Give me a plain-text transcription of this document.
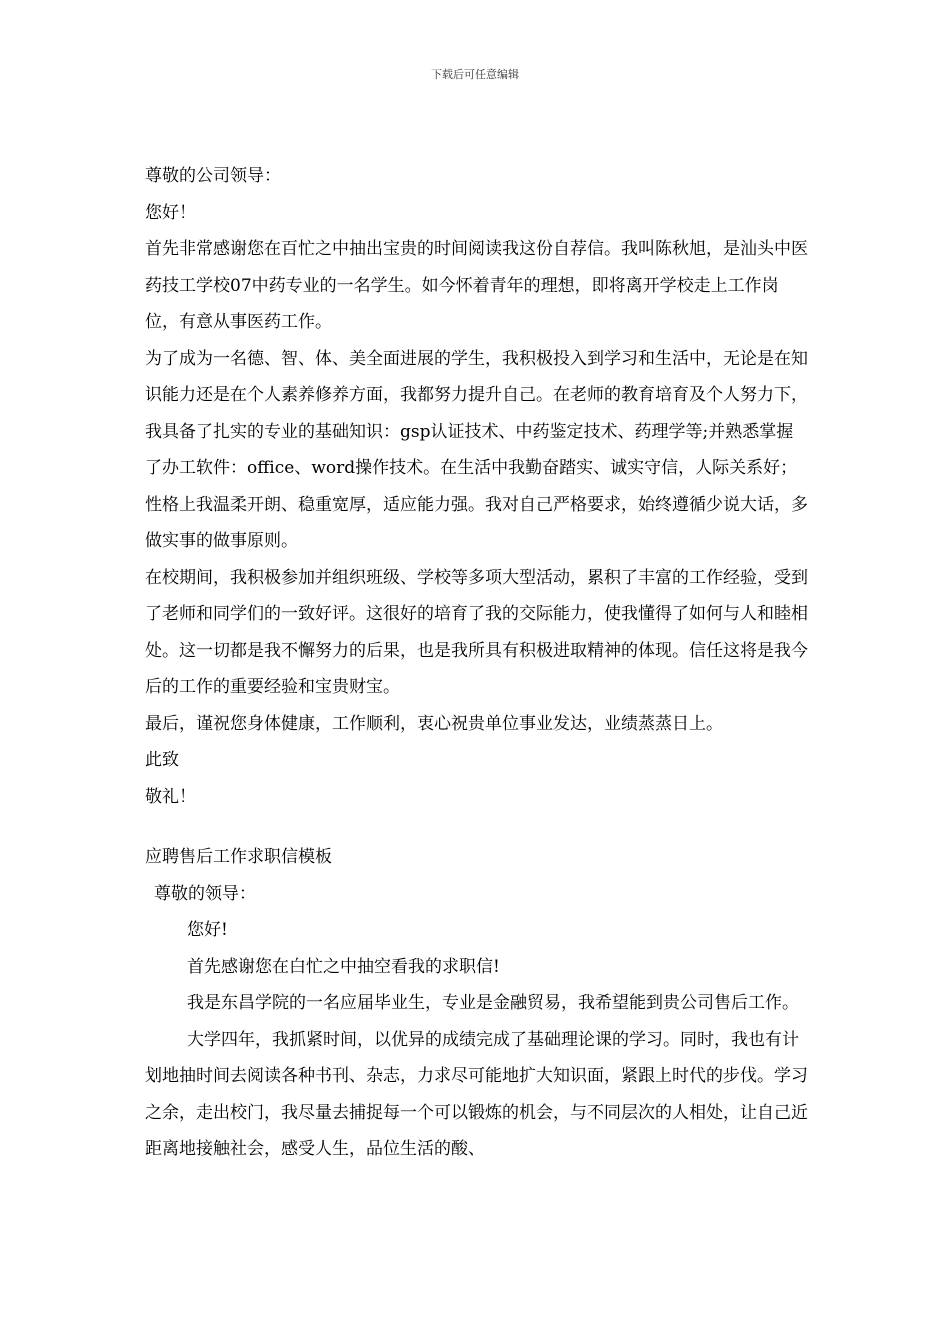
下载后可任意编辑

尊敬的公司领导：

您好！

首先非常感谢您在百忙之中抽出宝贵的时间阅读我这份自荐信。我叫陈秋旭，是汕头中医药技工学校07中药专业的一名学生。如今怀着青年的理想，即将离开学校走上工作岗位，有意从事医药工作。

为了成为一名德、智、体、美全面进展的学生，我积极投入到学习和生活中，无论是在知识能力还是在个人素养修养方面，我都努力提升自己。在老师的教育培育及个人努力下，我具备了扎实的专业的基础知识：gsp认证技术、中药鉴定技术、药理学等;并熟悉掌握了办工软件：office、word操作技术。在生活中我勤奋踏实、诚实守信，人际关系好；性格上我温柔开朗、稳重宽厚，适应能力强。我对自己严格要求，始终遵循少说大话，多做实事的做事原则。

在校期间，我积极参加并组织班级、学校等多项大型活动，累积了丰富的工作经验，受到了老师和同学们的一致好评。这很好的培育了我的交际能力，使我懂得了如何与人和睦相处。这一切都是我不懈努力的后果，也是我所具有积极进取精神的体现。信任这将是我今后的工作的重要经验和宝贵财宝。

最后，谨祝您身体健康，工作顺利，衷心祝贵单位事业发达，业绩蒸蒸日上。

此致

敬礼！

应聘售后工作求职信模板

尊敬的领导：

您好!

首先感谢您在白忙之中抽空看我的求职信!

我是东昌学院的一名应届毕业生，专业是金融贸易，我希望能到贵公司售后工作。

大学四年，我抓紧时间，以优异的成绩完成了基础理论课的学习。同时，我也有计划地抽时间去阅读各种书刊、杂志，力求尽可能地扩大知识面，紧跟上时代的步伐。学习之余，走出校门，我尽量去捕捉每一个可以锻炼的机会，与不同层次的人相处，让自己近距离地接触社会，感受人生，品位生活的酸、
